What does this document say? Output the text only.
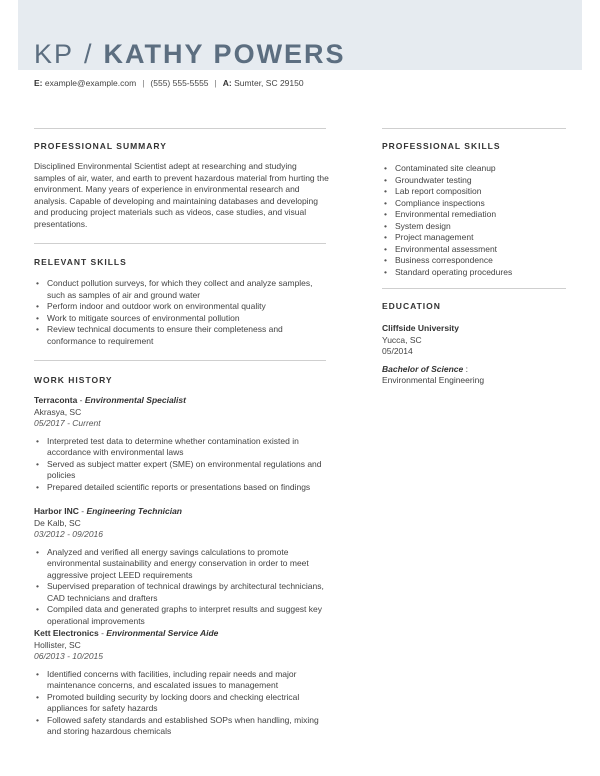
KP / KATHY POWERS
E: example@example.com | (555) 555-5555 | A: Sumter, SC 29150
PROFESSIONAL SUMMARY
Disciplined Environmental Scientist adept at researching and studying samples of air, water, and earth to prevent hazardous material from hurting the environment. Many years of experience in environmental research and analysis. Capable of developing and maintaining databases and developing and producing project materials such as videos, case studies, and visual presentations.
RELEVANT SKILLS
• Conduct pollution surveys, for which they collect and analyze samples, such as samples of air and ground water
• Perform indoor and outdoor work on environmental quality
• Work to mitigate sources of environmental pollution
• Review technical documents to ensure their completeness and conformance to requirement
WORK HISTORY
Terraconta - Environmental Specialist
Akrasya, SC
05/2017 - Current
• Interpreted test data to determine whether contamination existed in accordance with environmental laws
• Served as subject matter expert (SME) on environmental regulations and policies
• Prepared detailed scientific reports or presentations based on findings
Harbor INC - Engineering Technician
De Kalb, SC
03/2012 - 09/2016
• Analyzed and verified all energy savings calculations to promote environmental sustainability and energy conservation in order to meet aggressive project LEED requirements
• Supervised preparation of technical drawings by architectural technicians, CAD technicians and drafters
• Compiled data and generated graphs to interpret results and suggest key operational improvements
Kett Electronics - Environmental Service Aide
Hollister, SC
06/2013 - 10/2015
• Identified concerns with facilities, including repair needs and major maintenance concerns, and escalated issues to management
• Promoted building security by locking doors and checking electrical appliances for safety hazards
• Followed safety standards and established SOPs when handling, mixing and storing hazardous chemicals
PROFESSIONAL SKILLS
• Contaminated site cleanup
• Groundwater testing
• Lab report composition
• Compliance inspections
• Environmental remediation
• System design
• Project management
• Environmental assessment
• Business correspondence
• Standard operating procedures
EDUCATION
Cliffside University
Yucca, SC
05/2014
Bachelor of Science :
Environmental Engineering
